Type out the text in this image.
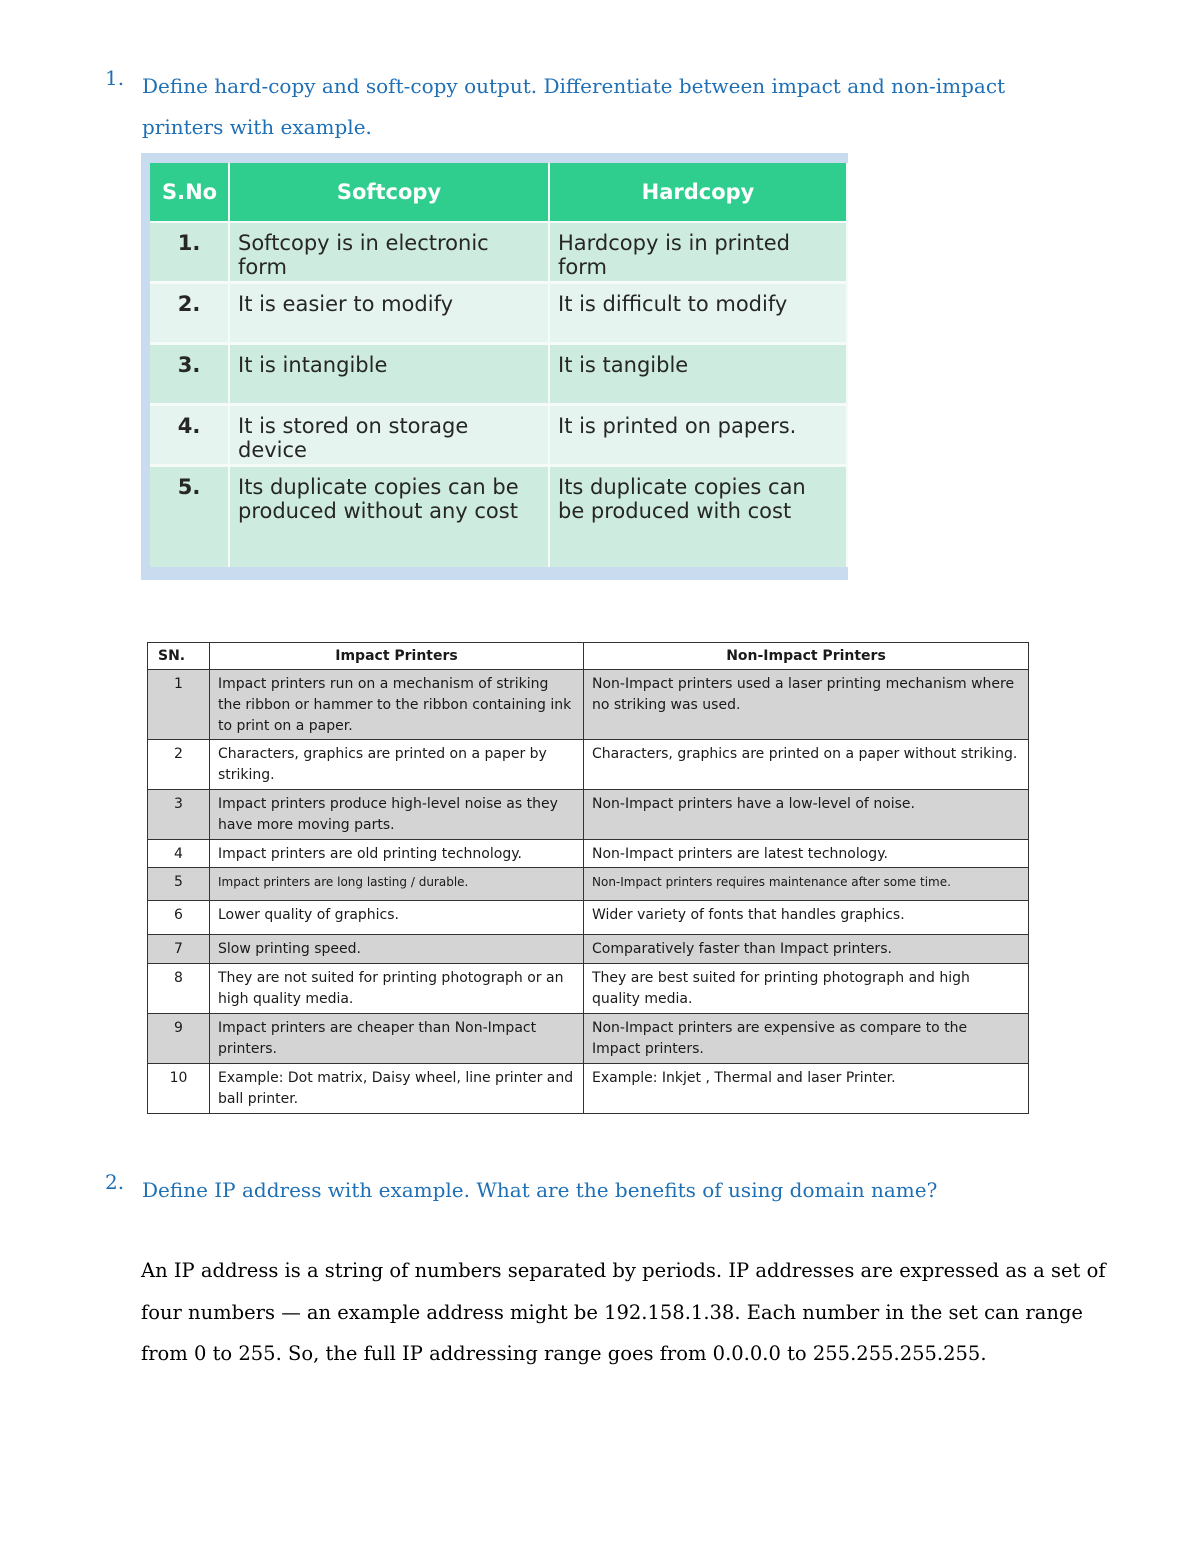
1. Define hard-copy and soft-copy output. Differentiate between impact and non-impact printers with example.
S.No	Softcopy	Hardcopy
1.	Softcopy is in electronic form	Hardcopy is in printed form
2.	It is easier to modify	It is difficult to modify
3.	It is intangible	It is tangible
4.	It is stored on storage device	It is printed on papers.
5.	Its duplicate copies can be produced without any cost	Its duplicate copies can be produced with cost
SN.	Impact Printers	Non-Impact Printers
1	Impact printers run on a mechanism of striking the ribbon or hammer to the ribbon containing ink to print on a paper.	Non-Impact printers used a laser printing mechanism where no striking was used.
2	Characters, graphics are printed on a paper by striking.	Characters, graphics are printed on a paper without striking.
3	Impact printers produce high-level noise as they have more moving parts.	Non-Impact printers have a low-level of noise.
4	Impact printers are old printing technology.	Non-Impact printers are latest technology.
5	Impact printers are long lasting / durable.	Non-Impact printers requires maintenance after some time.
6	Lower quality of graphics.	Wider variety of fonts that handles graphics.
7	Slow printing speed.	Comparatively faster than Impact printers.
8	They are not suited for printing photograph or an high quality media.	They are best suited for printing photograph and high quality media.
9	Impact printers are cheaper than Non-Impact printers.	Non-Impact printers are expensive as compare to the Impact printers.
10	Example: Dot matrix, Daisy wheel, line printer and ball printer.	Example: Inkjet , Thermal and laser Printer.
2. Define IP address with example. What are the benefits of using domain name?
An IP address is a string of numbers separated by periods. IP addresses are expressed as a set of four numbers — an example address might be 192.158.1.38. Each number in the set can range from 0 to 255. So, the full IP addressing range goes from 0.0.0.0 to 255.255.255.255.
